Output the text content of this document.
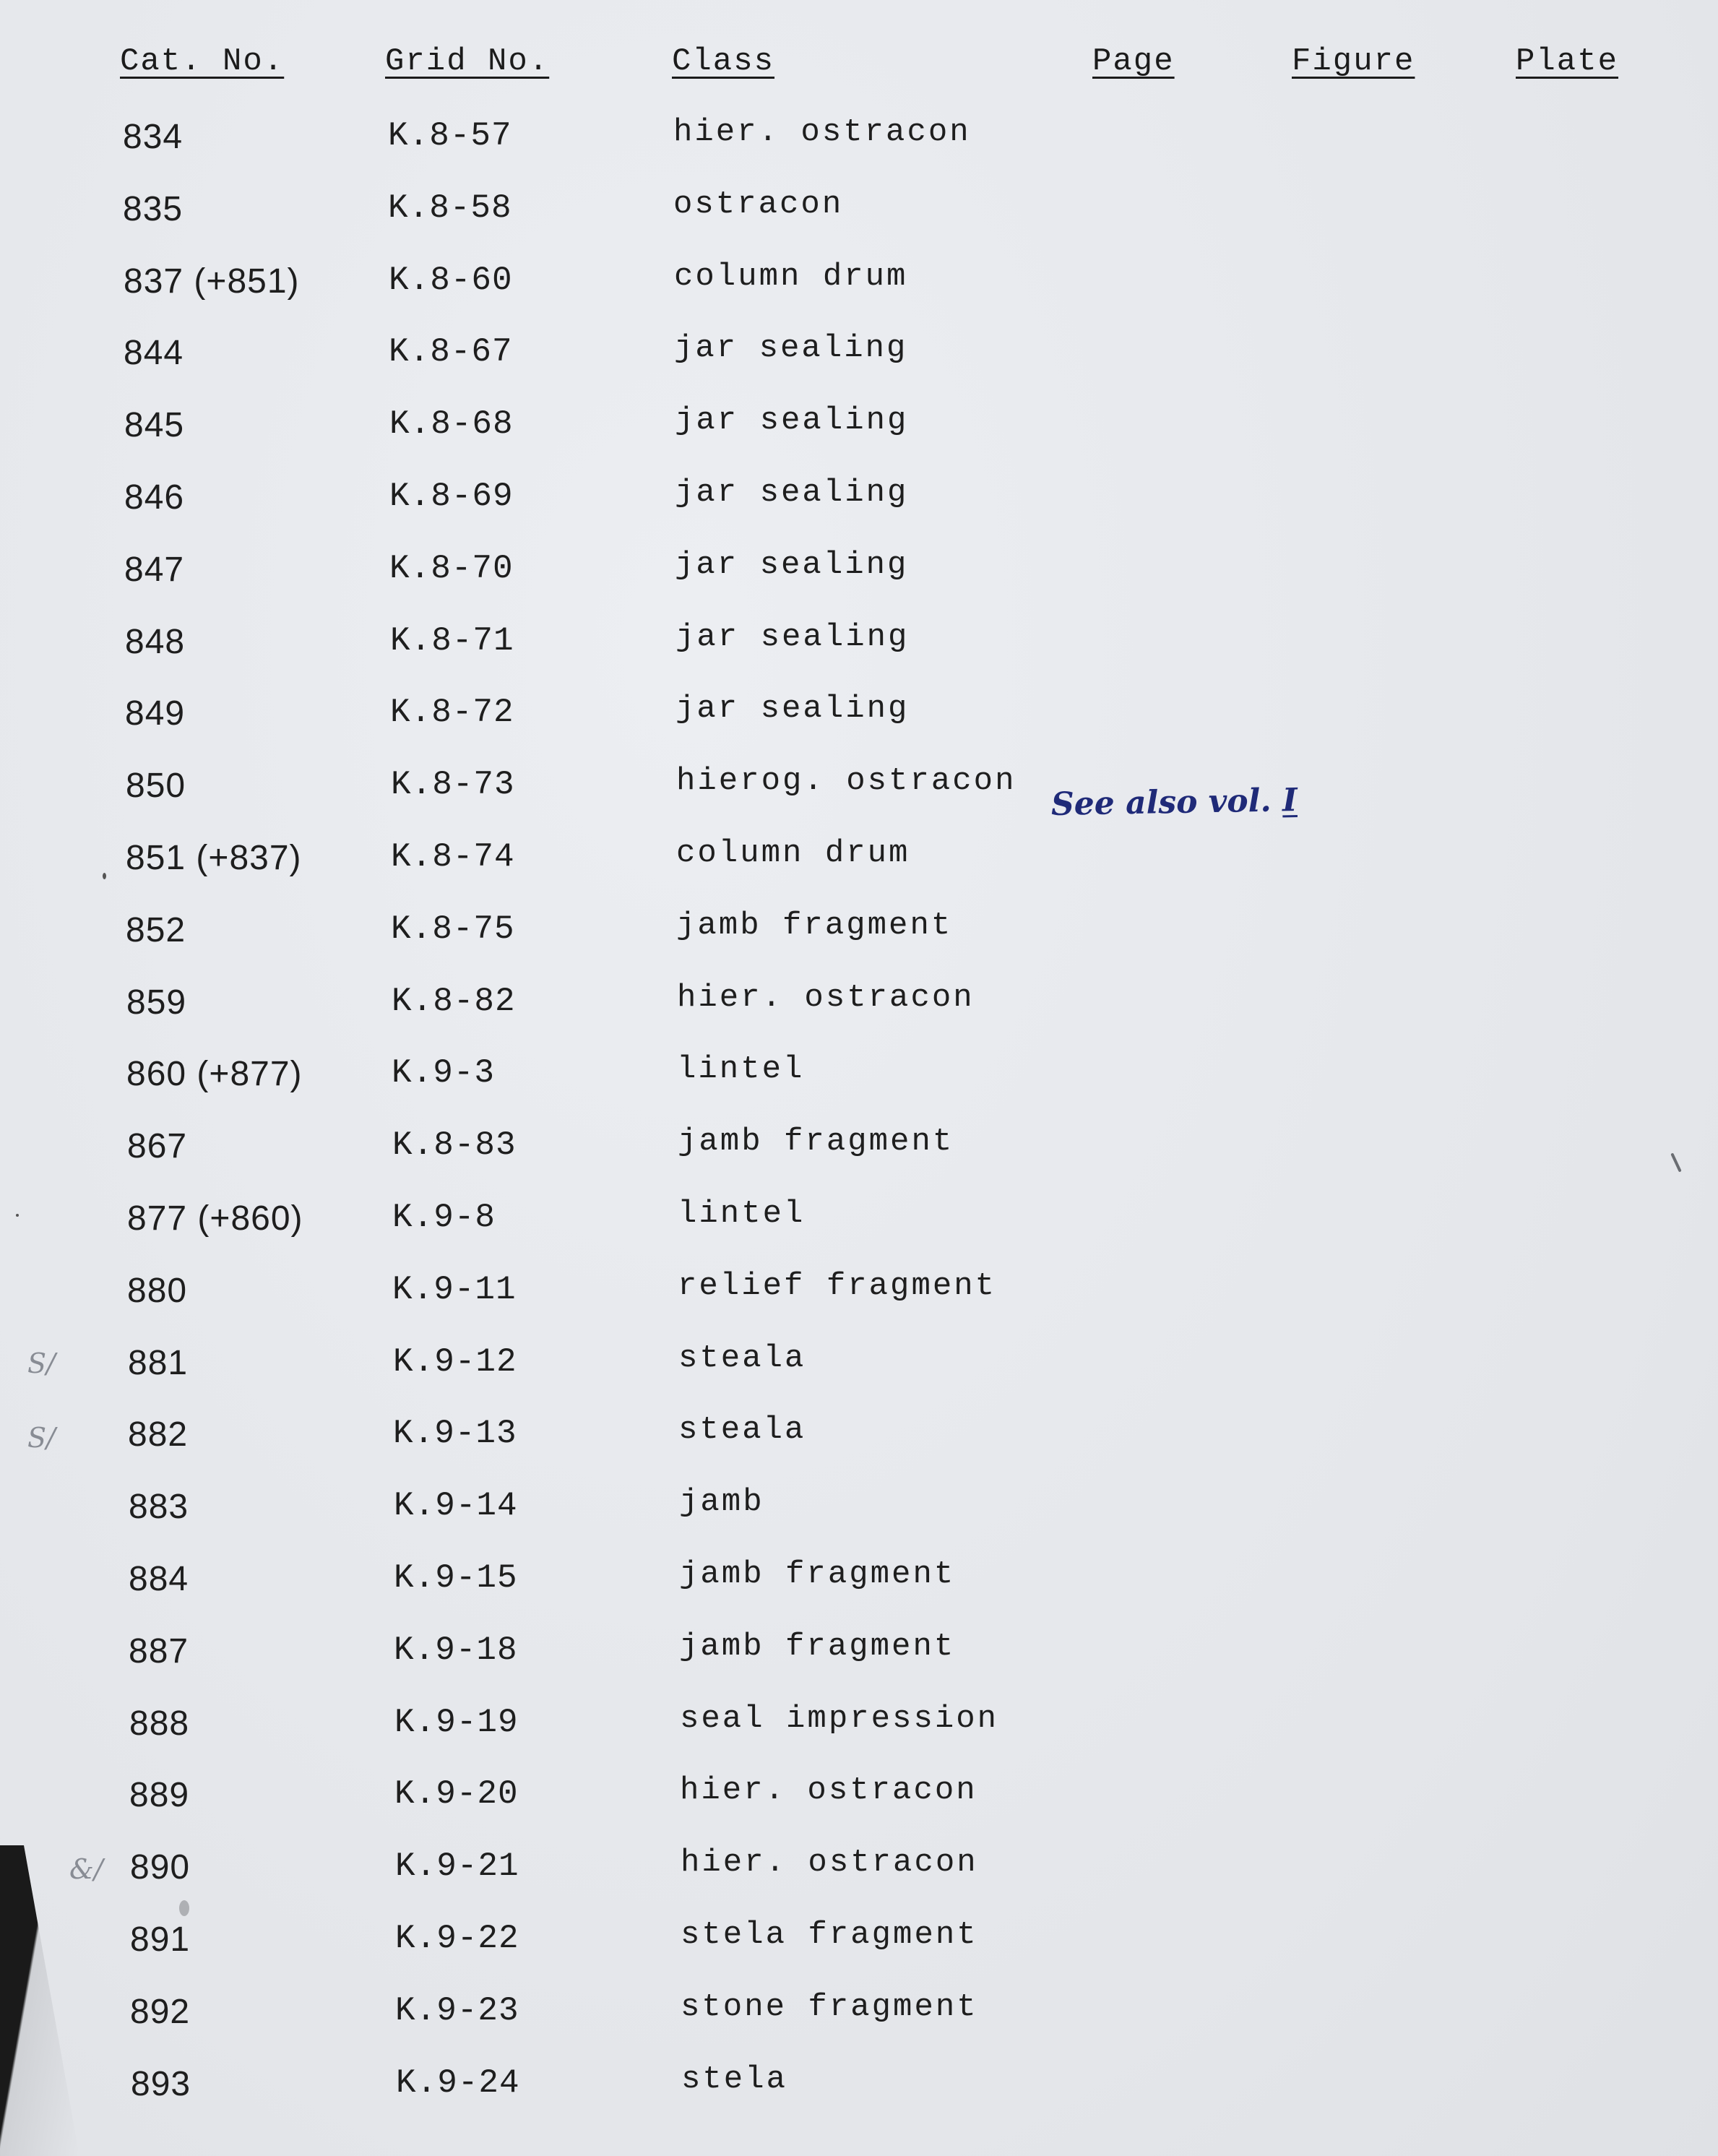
Cat. No.	Grid No.	Class	Page	Figure	Plate
834	K.8-57	hier. ostracon
835	K.8-58	ostracon
837 (+851)	K.8-60	column drum
844	K.8-67	jar sealing
845	K.8-68	jar sealing
846	K.8-69	jar sealing
847	K.8-70	jar sealing
848	K.8-71	jar sealing
849	K.8-72	jar sealing
850	K.8-73	hierog. ostracon
851 (+837)	K.8-74	column drum
852	K.8-75	jamb fragment
859	K.8-82	hier. ostracon
860 (+877)	K.9-3	lintel
867	K.8-83	jamb fragment
877 (+860)	K.9-8	lintel
880	K.9-11	relief fragment
881	K.9-12	steala
882	K.9-13	steala
883	K.9-14	jamb
884	K.9-15	jamb fragment
887	K.9-18	jamb fragment
888	K.9-19	seal impression
889	K.9-20	hier. ostracon
890	K.9-21	hier. ostracon
891	K.9-22	stela fragment
892	K.9-23	stone fragment
893	K.9-24	stela
See also vol. I
S/
S/
&/
